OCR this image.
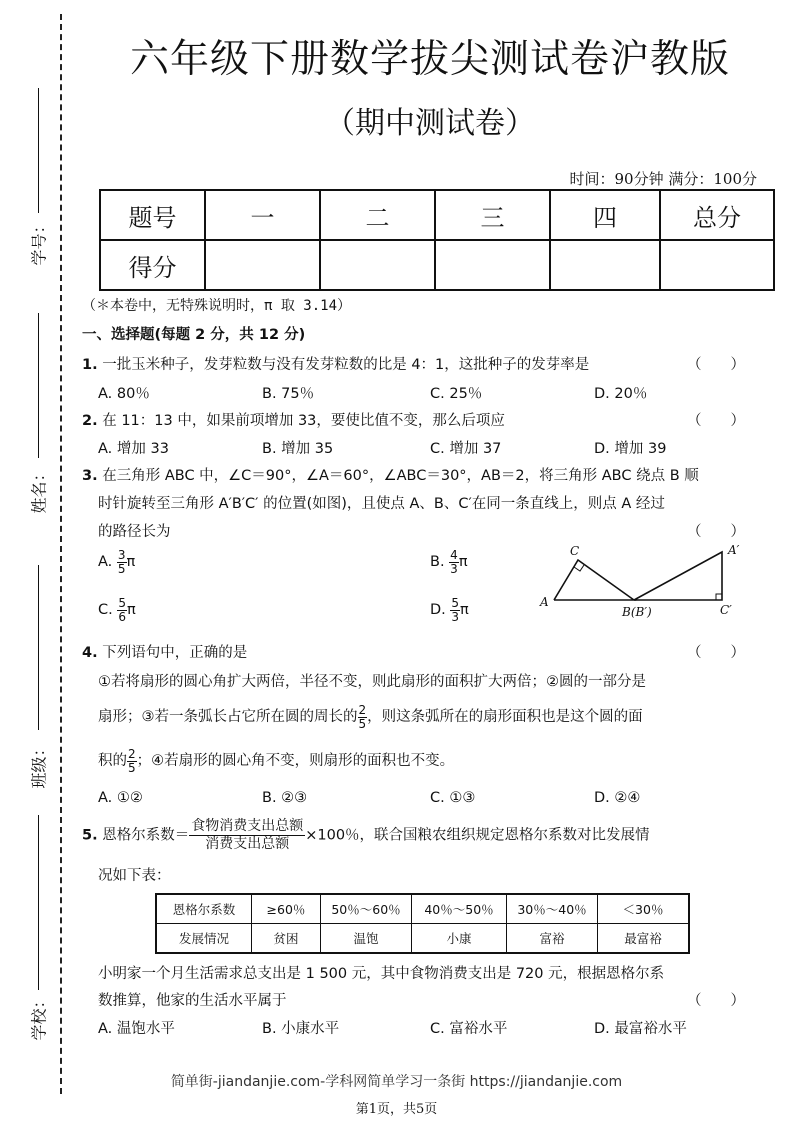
学号：
姓名：
班级：
学校：
六年级下册数学拔尖测试卷沪教版
（期中测试卷）
时间：90分钟 满分：100分
题号	一	二	三	四	总分
得分					
（＊本卷中，无特殊说明时，π 取 3.14）
一、选择题(每题 2 分，共 12 分)
1. 一批玉米种子，发芽粒数与没有发芽粒数的比是 4：1，这批种子的发芽率是	（　　）
A. 80％	B. 75％	C. 25％	D. 20％
2. 在 11：13 中，如果前项增加 33，要使比值不变，那么后项应	（　　）
A. 增加 33	B. 增加 35	C. 增加 37	D. 增加 39
3. 在三角形 ABC 中，∠C＝90°，∠A＝60°，∠ABC＝30°，AB＝2，将三角形 ABC 绕点 B 顺
时针旋转至三角形 A′B′C′ 的位置(如图)，且使点 A、B、C′在同一条直线上，则点 A 经过
的路径长为	（　　）
A. $\frac{3}{5}$ π	B. $\frac{4}{3}$ π
C. $\frac{5}{6}$ π	D. $\frac{5}{3}$ π
C
A
B(B′)
A′
C′
4. 下列语句中，正确的是	（　　）
①若将扇形的圆心角扩大两倍，半径不变，则此扇形的面积扩大两倍；②圆的一部分是
扇形；③若一条弧长占它所在圆的周长的 $\frac{2}{5}$ ，则这条弧所在的扇形面积也是这个圆的面
积的 $\frac{2}{5}$ ；④若扇形的圆心角不变，则扇形的面积也不变。
A. ①②	B. ②③	C. ①③	D. ②④
5. 恩格尔系数＝ $\frac{\text{食物消费支出总额}}{\text{消费支出总额}}\times 100$％，联合国粮农组织规定恩格尔系数对比发展情
况如下表：
恩格尔系数	≥60％	50％～60％	40％～50％	30％～40％	＜30％
发展情况	贫困	温饱	小康	富裕	最富裕
小明家一个月生活需求总支出是 1 500 元，其中食物消费支出是 720 元，根据恩格尔系
数推算，他家的生活水平属于	（　　）
A. 温饱水平	B. 小康水平	C. 富裕水平	D. 最富裕水平
简单街-jiandanjie.com-学科网简单学习一条街 https://jiandanjie.com
第1页，共5页
